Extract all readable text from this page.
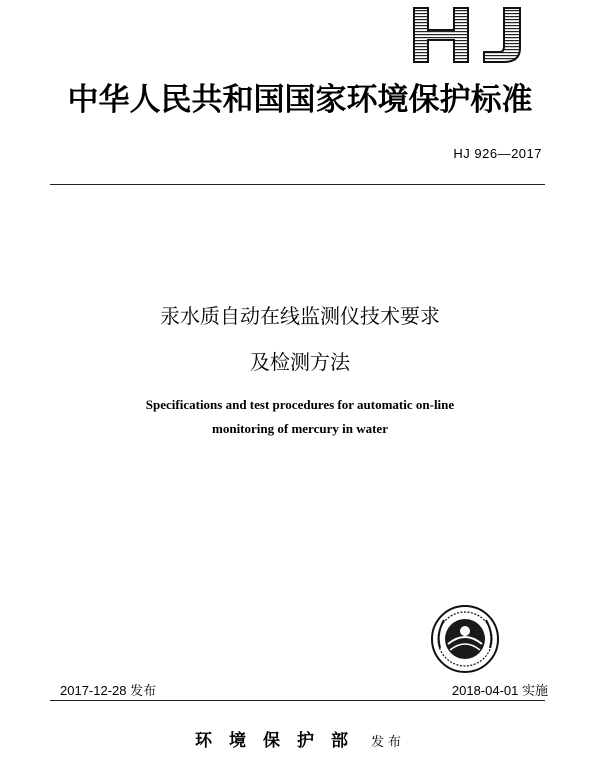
中华人民共和国国家环境保护标准
HJ 926—2017
汞水质自动在线监测仪技术要求
及检测方法
Specifications and test procedures for automatic on-line
monitoring of mercury in water
2017-12-28 发布	2018-04-01 实施
环境保护部 发布
